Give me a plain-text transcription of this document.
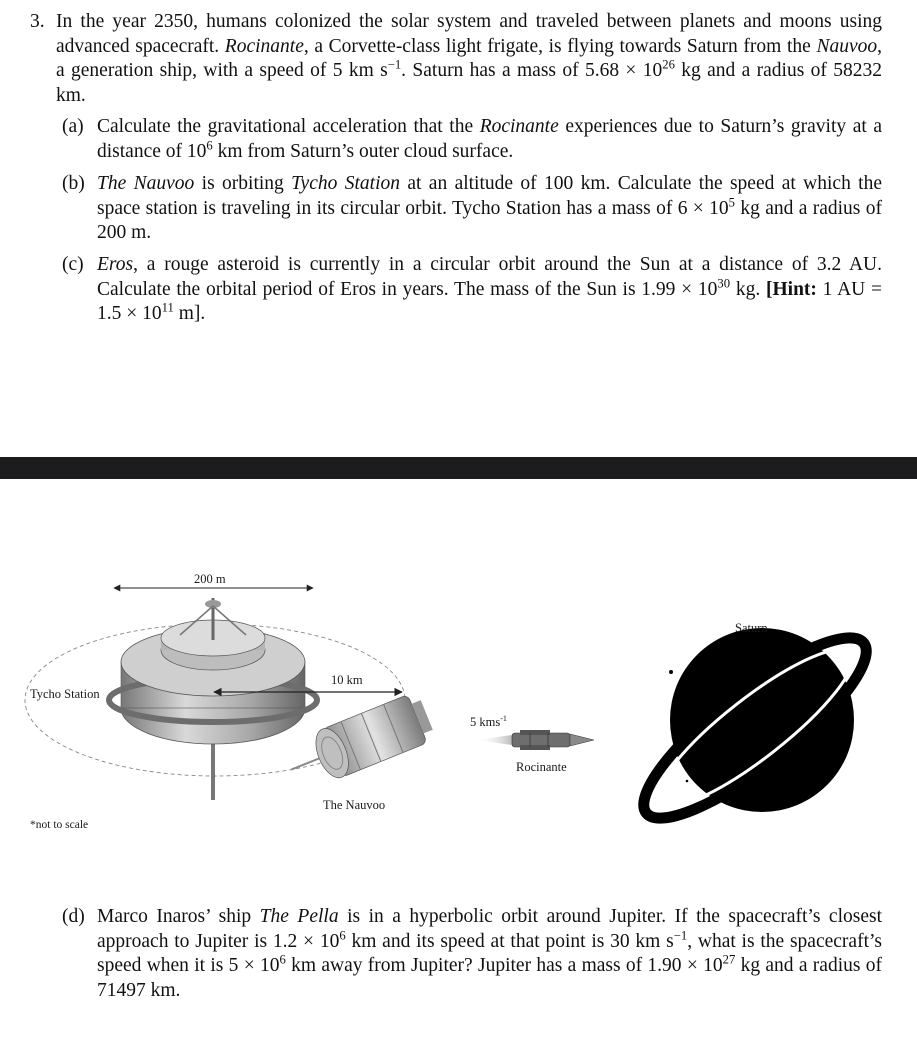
3. In the year 2350, humans colonized the solar system and traveled between planets and moons using advanced spacecraft. Rocinante, a Corvette-class light frigate, is flying towards Saturn from the Nauvoo, a generation ship, with a speed of 5 km $s^{-1}$. Saturn has a mass of $5.68 \times 10^{26}$ kg and a radius of 58232 km.

(a) Calculate the gravitational acceleration that the Rocinante experiences due to Saturn’s gravity at a distance of $10^6$ km from Saturn’s outer cloud surface.

(b) The Nauvoo is orbiting Tycho Station at an altitude of 100 km. Calculate the speed at which the space station is traveling in its circular orbit. Tycho Station has a mass of $6 \times 10^5$ kg and a radius of 200 m.

(c) Eros, a rouge asteroid is currently in a circular orbit around the Sun at a distance of 3.2 AU. Calculate the orbital period of Eros in years. The mass of the Sun is $1.99 \times 10^{30}$ kg. [Hint: 1 AU = $1.5 \times 10^{11}$ m].

(d) Marco Inaros’ ship The Pella is in a hyperbolic orbit around Jupiter. If the spacecraft’s closest approach to Jupiter is $1.2 \times 10^6$ km and its speed at that point is 30 km $s^{-1}$, what is the spacecraft’s speed when it is $5 \times 10^6$ km away from Jupiter? Jupiter has a mass of $1.90 \times 10^{27}$ kg and a radius of 71497 km.

200 m
10 km
Tycho Station
The Nauvoo
5 kms$^{-1}$
Rocinante
Saturn
*not to scale
